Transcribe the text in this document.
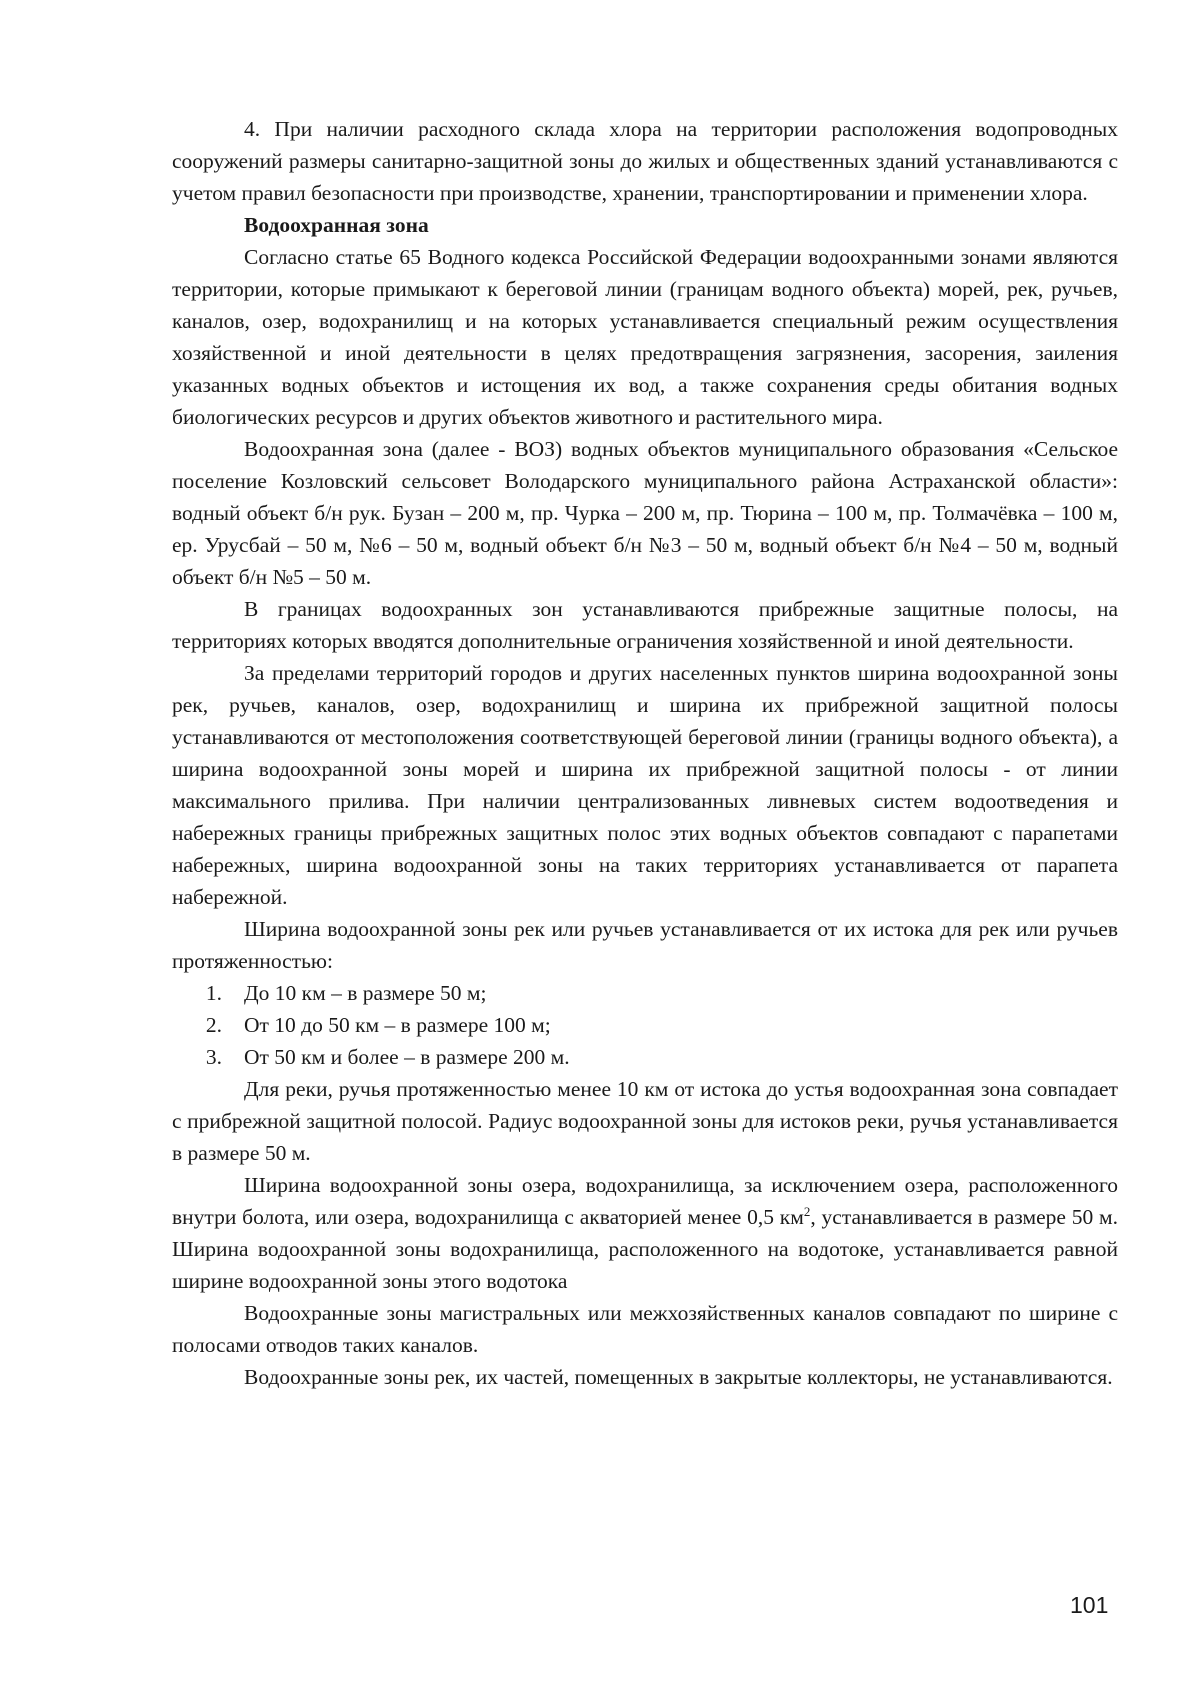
4. При наличии расходного склада хлора на территории расположения водопроводных сооружений размеры санитарно-защитной зоны до жилых и общественных зданий устанавливаются с учетом правил безопасности при производстве, хранении, транспортировании и применении хлора.

Водоохранная зона

Согласно статье 65 Водного кодекса Российской Федерации водоохранными зонами являются территории, которые примыкают к береговой линии (границам водного объекта) морей, рек, ручьев, каналов, озер, водохранилищ и на которых устанавливается специальный режим осуществления хозяйственной и иной деятельности в целях предотвращения загрязнения, засорения, заиления указанных водных объектов и истощения их вод, а также сохранения среды обитания водных биологических ресурсов и других объектов животного и растительного мира.

Водоохранная зона (далее - ВОЗ) водных объектов муниципального образования «Сельское поселение Козловский сельсовет Володарского муниципального района Астраханской области»: водный объект б/н рук. Бузан – 200 м, пр. Чурка – 200 м, пр. Тюрина – 100 м, пр. Толмачёвка – 100 м, ер. Урусбай – 50 м, №6 – 50 м, водный объект б/н №3 – 50 м, водный объект б/н №4 – 50 м, водный объект б/н №5 – 50 м.

В границах водоохранных зон устанавливаются прибрежные защитные полосы, на территориях которых вводятся дополнительные ограничения хозяйственной и иной деятельности.

За пределами территорий городов и других населенных пунктов ширина водоохранной зоны рек, ручьев, каналов, озер, водохранилищ и ширина их прибрежной защитной полосы устанавливаются от местоположения соответствующей береговой линии (границы водного объекта), а ширина водоохранной зоны морей и ширина их прибрежной защитной полосы - от линии максимального прилива. При наличии централизованных ливневых систем водоотведения и набережных границы прибрежных защитных полос этих водных объектов совпадают с парапетами набережных, ширина водоохранной зоны на таких территориях устанавливается от парапета набережной.

Ширина водоохранной зоны рек или ручьев устанавливается от их истока для рек или ручьев протяженностью:

1.	До 10 км – в размере 50 м;
2.	От 10 до 50 км – в размере 100 м;
3.	От 50 км и более – в размере 200 м.

Для реки, ручья протяженностью менее 10 км от истока до устья водоохранная зона совпадает с прибрежной защитной полосой. Радиус водоохранной зоны для истоков реки, ручья устанавливается в размере 50 м.

Ширина водоохранной зоны озера, водохранилища, за исключением озера, расположенного внутри болота, или озера, водохранилища с акваторией менее 0,5 $км^2$, устанавливается в размере 50 м. Ширина водоохранной зоны водохранилища, расположенного на водотоке, устанавливается равной ширине водоохранной зоны этого водотока

Водоохранные зоны магистральных или межхозяйственных каналов совпадают по ширине с полосами отводов таких каналов.

Водоохранные зоны рек, их частей, помещенных в закрытые коллекторы, не устанавливаются.

101
